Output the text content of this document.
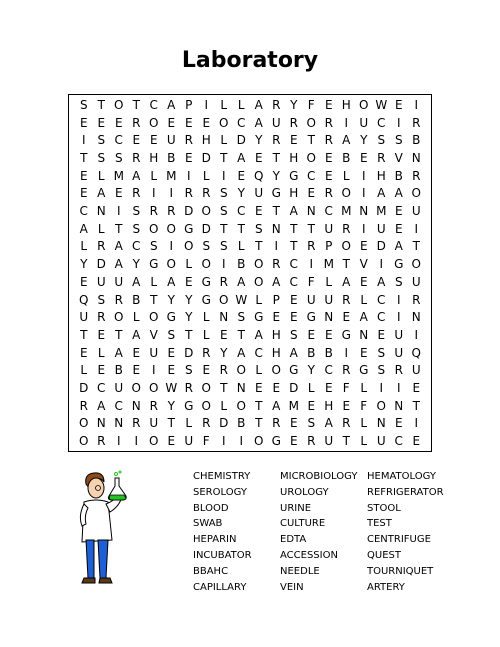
Laboratory
S T O T C A P	I	L L A R Y F E H O W E I
E E E R O E E E O C A U R O R I U C I R
I S C E E U R H L D Y R E T R A Y S S B
T S S R H B E D T A E T H O E B E R V N
E L M A L M I	L	I E Q Y G C E L	I H B R
E A E R I	I R R S Y U G H E R O I A A O
C N I S R R D O S C E T A N C M N M E U
A L T S O O G D T T S N T T U R I U E I
L R A C S I O S S L T	I	T R P O E D A T
Y D A Y G O L O I B O R C I M T V I G O
E U U A L A E G R A O A C F L A E A S U
Q S R B T Y Y G O W L P E U U R L C I R
U R O L O G Y L N S G E E G N E A C I N
T E T A V S T L E T A H S E E G N E U I
E L A E U E D R Y A C H A B B I E S U Q
L E B E I E S E R O L O G Y C R G S R U
D C U O O W R O T N E E D L E F L	I	I E
R A C N R Y G O L O T A M E H E F O N T
O N N R U T L R D B T R E S A R L N E I
O R I	I O E U F	I	I O G E R U T L U C E
CHEMISTRY	MICROBIOLOGY HEMATOLOGY
SEROLOGY	UROLOGY	REFRIGERATOR
BLOOD	URINE	STOOL
SWAB	CULTURE	TEST
HEPARIN	EDTA	CENTRIFUGE
INCUBATOR	ACCESSION	QUEST
BBAHC	NEEDLE	TOURNIQUET
CAPILLARY	VEIN	ARTERY
